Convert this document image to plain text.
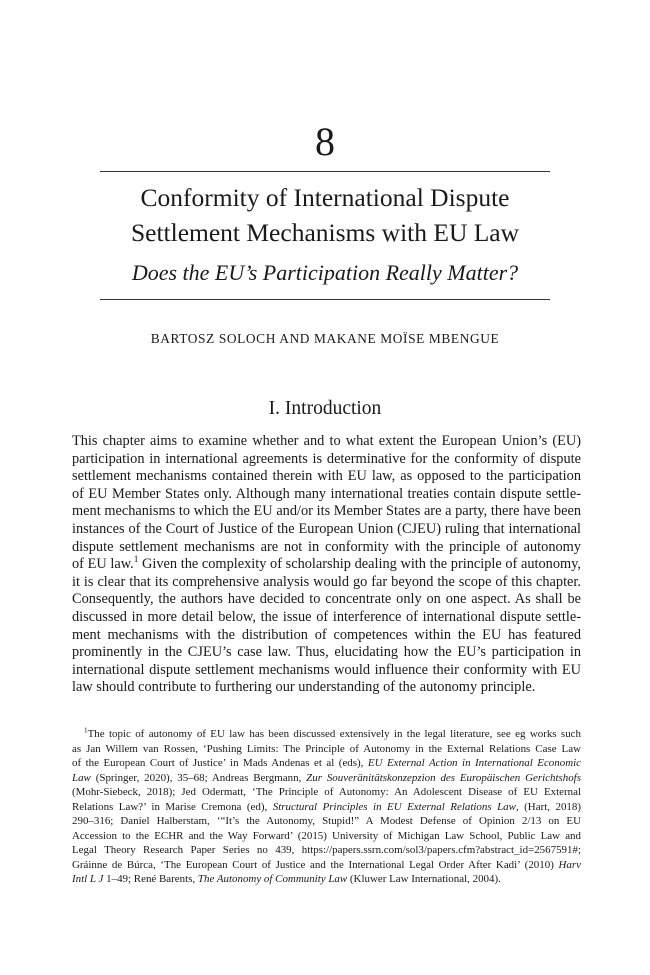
8
Conformity of International Dispute
Settlement Mechanisms with EU Law
Does the EU’s Participation Really Matter?
BARTOSZ SOLOCH AND MAKANE MOÏSE MBENGUE
I. Introduction
This chapter aims to examine whether and to what extent the European Union’s (EU)
participation in international agreements is determinative for the conformity of dispute
settlement mechanisms contained therein with EU law, as opposed to the participation
of EU Member States only. Although many international treaties contain dispute settle-
ment mechanisms to which the EU and/or its Member States are a party, there have been
instances of the Court of Justice of the European Union (CJEU) ruling that international
dispute settlement mechanisms are not in conformity with the principle of autonomy
of EU law.$^1$ Given the complexity of scholarship dealing with the principle of autonomy,
it is clear that its comprehensive analysis would go far beyond the scope of this chapter.
Consequently, the authors have decided to concentrate only on one aspect. As shall be
discussed in more detail below, the issue of interference of international dispute settle-
ment mechanisms with the distribution of competences within the EU has featured
prominently in the CJEU’s case law. Thus, elucidating how the EU’s participation in
international dispute settlement mechanisms would influence their conformity with EU
law should contribute to furthering our understanding of the autonomy principle.
$^1$The topic of autonomy of EU law has been discussed extensively in the legal literature, see eg works such
as Jan Willem van Rossen, ‘Pushing Limits: The Principle of Autonomy in the External Relations Case Law
of the European Court of Justice’ in Mads Andenas et al (eds), EU External Action in International Economic
Law (Springer, 2020), 35–68; Andreas Bergmann, Zur Souveränitätskonzepzion des Europäischen Gerichtshofs
(Mohr-Siebeck, 2018); Jed Odermatt, ‘The Principle of Autonomy: An Adolescent Disease of EU External
Relations Law?’ in Marise Cremona (ed), Structural Principles in EU External Relations Law, (Hart, 2018)
290–316; Daniel Halberstam, ‘“It’s the Autonomy, Stupid!” A Modest Defense of Opinion 2/13 on EU
Accession to the ECHR and the Way Forward’ (2015) University of Michigan Law School, Public Law and
Legal Theory Research Paper Series no 439, https://papers.ssrn.com/sol3/papers.cfm?abstract_id=2567591#;
Gráinne de Búrca, ‘The European Court of Justice and the International Legal Order After Kadi’ (2010) Harv
Intl L J 1–49; René Barents, The Autonomy of Community Law (Kluwer Law International, 2004).
